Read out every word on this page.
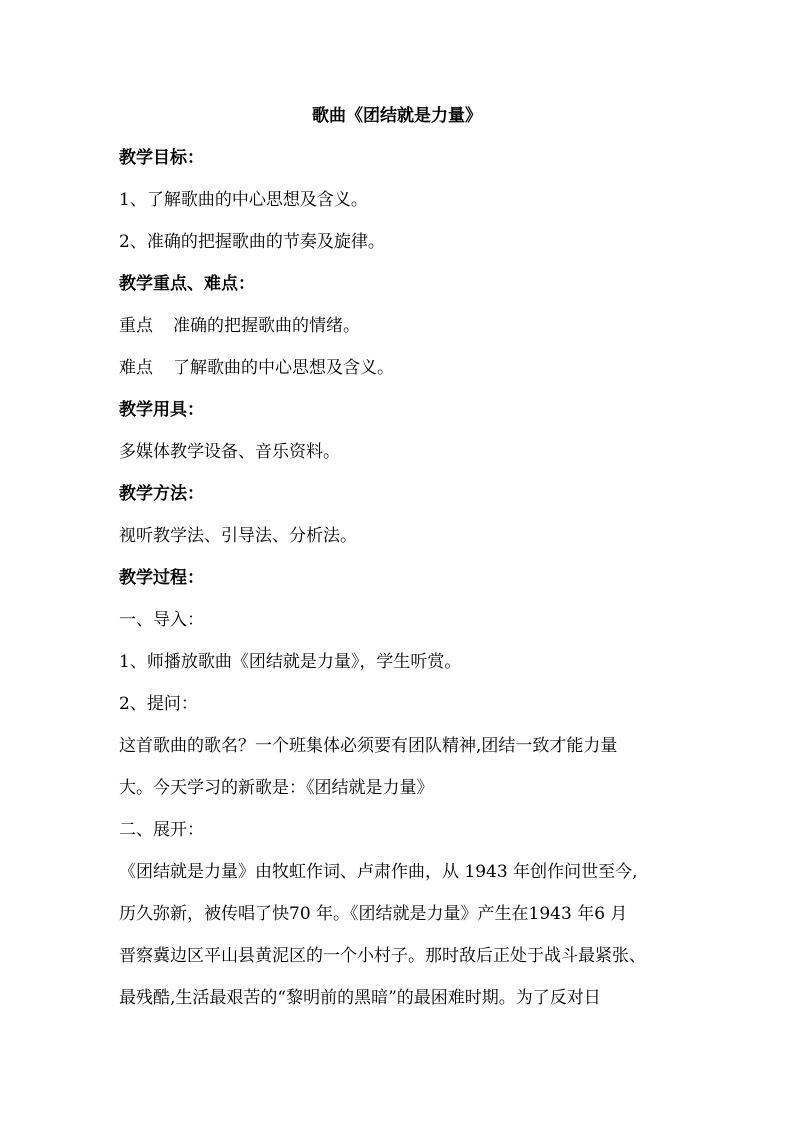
歌曲《团结就是力量》
教学目标：
1、了解歌曲的中心思想及含义。
2、准确的把握歌曲的节奏及旋律。
教学重点、难点：
重点 准确的把握歌曲的情绪。
难点 了解歌曲的中心思想及含义。
教学用具：
多媒体教学设备、音乐资料。
教学方法：
视听教学法、引导法、分析法。
教学过程：
一、导入：
1、师播放歌曲《团结就是力量》，学生听赏。
2、提问：
这首歌曲的歌名？一个班集体必须要有团队精神,团结一致才能力量
大。今天学习的新歌是：《团结就是力量》
二、展开：
《团结就是力量》由牧虹作词、卢肃作曲，从 1943 年创作问世至今,
历久弥新，被传唱了快70 年。《团结就是力量》产生在1943 年6 月
晋察冀边区平山县黄泥区的一个小村子。那时敌后正处于战斗最紧张、
最残酷,生活最艰苦的“黎明前的黑暗”的最困难时期。为了反对日
